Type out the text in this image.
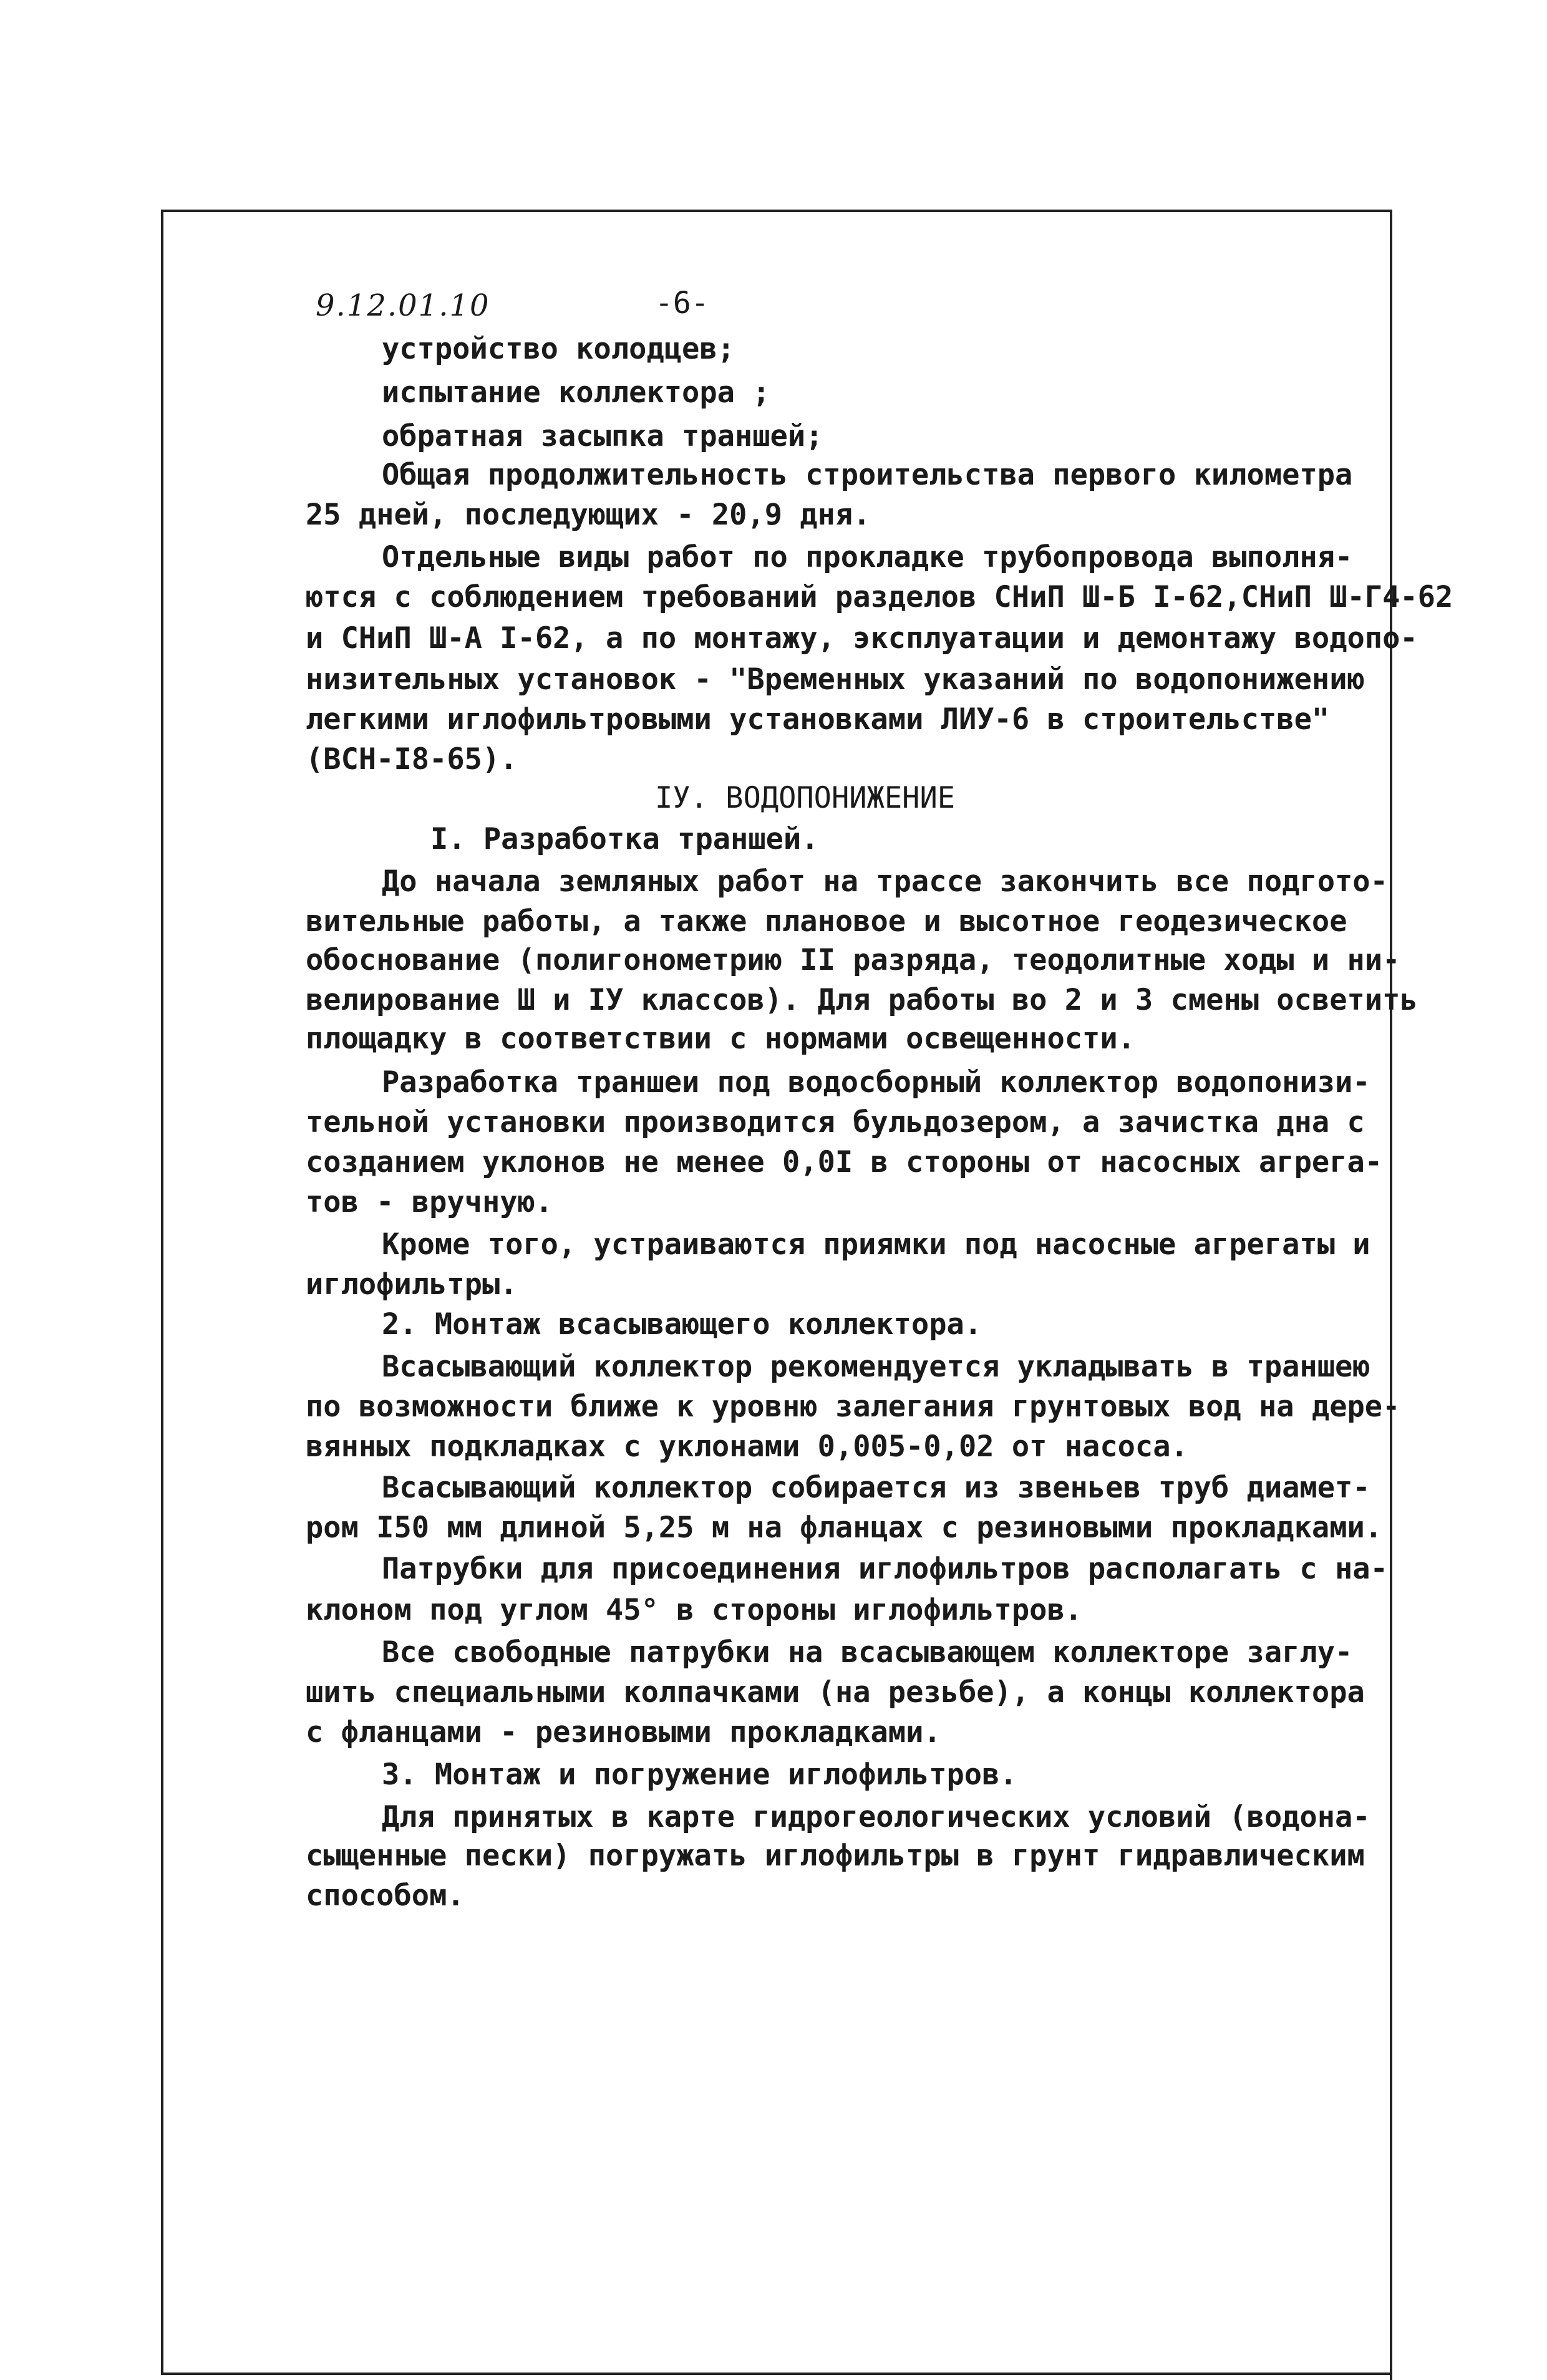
9.12.01.10	-6-
устройство колодцев;
испытание коллектора ;
обратная засыпка траншей;
Общая продолжительность строительства первого километра
25 дней, последующих - 20,9 дня.
Отдельные виды работ по прокладке трубопровода выполня-
ются с соблюдением требований разделов СНиП Ш-Б I-62,СНиП Ш-Г4-62
и СНиП Ш-А I-62, а по монтажу, эксплуатации и демонтажу водопо-
низительных установок - "Временных указаний по водопонижению
легкими иглофильтровыми установками ЛИУ-6 в строительстве"
(ВСН-I8-65).
IУ. ВОДОПОНИЖЕНИЕ
I. Разработка траншей.
До начала земляных работ на трассе закончить все подгото-
вительные работы, а также плановое и высотное геодезическое
обоснование (полигонометрию II разряда, теодолитные ходы и ни-
велирование Ш и IУ классов). Для работы во 2 и 3 смены осветить
площадку в соответствии с нормами освещенности.
Разработка траншеи под водосборный коллектор водопонизи-
тельной установки производится бульдозером, а зачистка дна с
созданием уклонов не менее 0,0I в стороны от насосных агрега-
тов - вручную.
Кроме того, устраиваются приямки под насосные агрегаты и
иглофильтры.
2. Монтаж всасывающего коллектора.
Всасывающий коллектор рекомендуется укладывать в траншею
по возможности ближе к уровню залегания грунтовых вод на дере-
вянных подкладках с уклонами 0,005-0,02 от насоса.
Всасывающий коллектор собирается из звеньев труб диамет-
ром I50 мм длиной 5,25 м на фланцах с резиновыми прокладками.
Патрубки для присоединения иглофильтров располагать с на-
клоном под углом 45° в стороны иглофильтров.
Все свободные патрубки на всасывающем коллекторе заглу-
шить специальными колпачками (на резьбе), а концы коллектора
с фланцами - резиновыми прокладками.
3. Монтаж и погружение иглофильтров.
Для принятых в карте гидрогеологических условий (водона-
сыщенные пески) погружать иглофильтры в грунт гидравлическим
способом.
